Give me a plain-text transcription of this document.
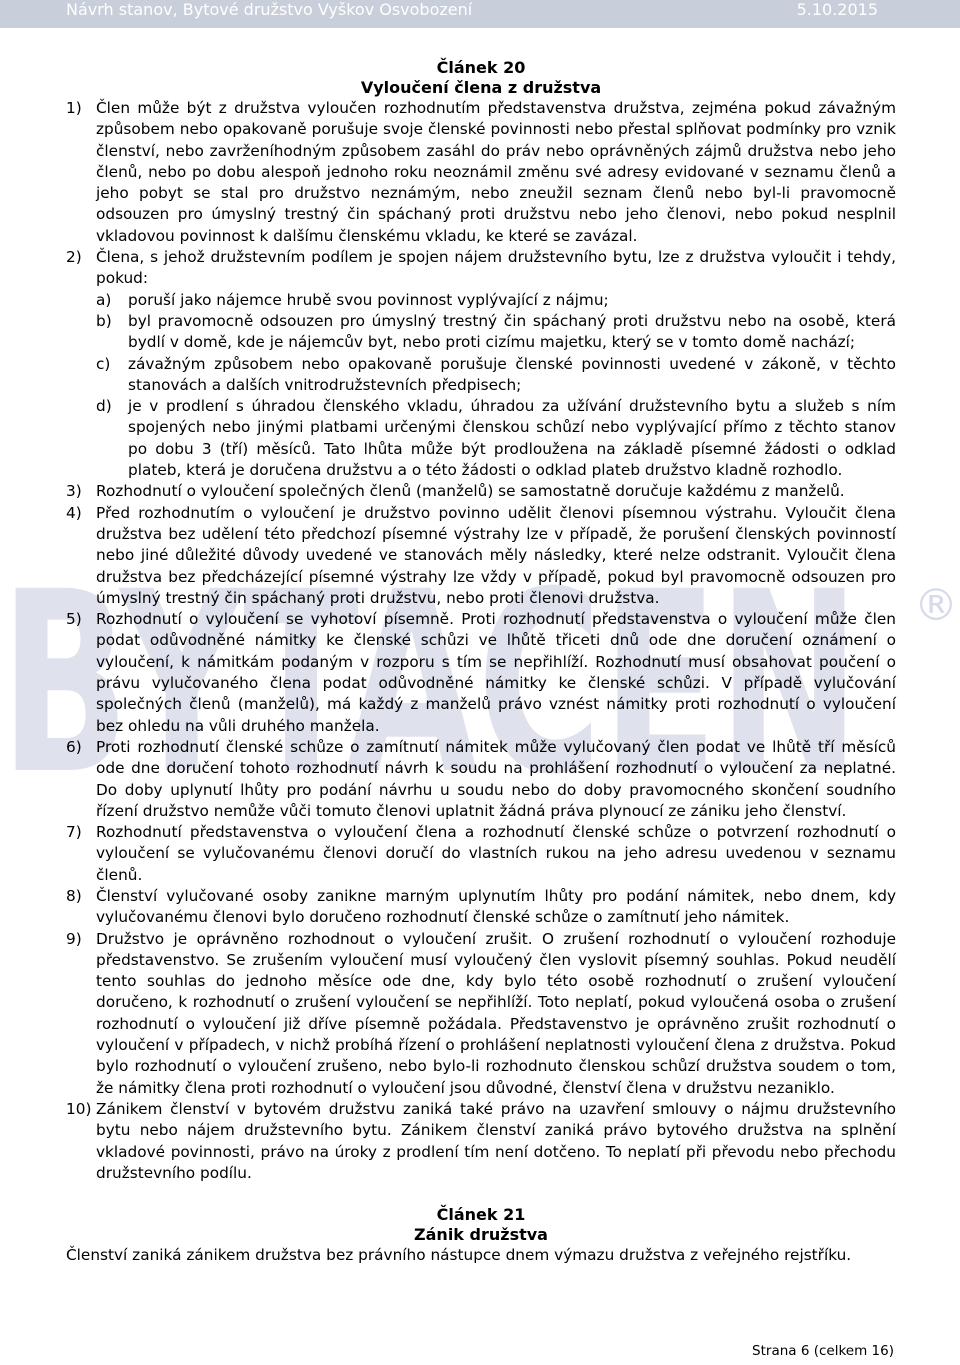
Návrh stanov, Bytové družstvo Vyškov Osvobození	5.10.2015
BYTACEN ®
Článek 20
Vyloučení člena z družstva
1) Člen může být z družstva vyloučen rozhodnutím představenstva družstva, zejména pokud závažným způsobem nebo opakovaně porušuje svoje členské povinnosti nebo přestal splňovat podmínky pro vznik členství, nebo zavrženíhodným způsobem zasáhl do práv nebo oprávněných zájmů družstva nebo jeho členů, nebo po dobu alespoň jednoho roku neoznámil změnu své adresy evidované v seznamu členů a jeho pobyt se stal pro družstvo neznámým, nebo zneužil seznam členů nebo byl-li pravomocně odsouzen pro úmyslný trestný čin spáchaný proti družstvu nebo jeho členovi, nebo pokud nesplnil vkladovou povinnost k dalšímu členskému vkladu, ke které se zavázal.
2) Člena, s jehož družstevním podílem je spojen nájem družstevního bytu, lze z družstva vyloučit i tehdy, pokud:
a)	poruší jako nájemce hrubě svou povinnost vyplývající z nájmu;
b)	byl pravomocně odsouzen pro úmyslný trestný čin spáchaný proti družstvu nebo na osobě, která bydlí v domě, kde je nájemcův byt, nebo proti cizímu majetku, který se v tomto domě nachází;
c)	závažným způsobem nebo opakovaně porušuje členské povinnosti uvedené v zákoně, v těchto stanovách a dalších vnitrodružstevních předpisech;
d)	je v prodlení s úhradou členského vkladu, úhradou za užívání družstevního bytu a služeb s ním spojených nebo jinými platbami určenými členskou schůzí nebo vyplývající přímo z těchto stanov po dobu 3 (tří) měsíců. Tato lhůta může být prodloužena na základě písemné žádosti o odklad plateb, která je doručena družstvu a o této žádosti o odklad plateb družstvo kladně rozhodlo.
3) Rozhodnutí o vyloučení společných členů (manželů) se samostatně doručuje každému z manželů.
4) Před rozhodnutím o vyloučení je družstvo povinno udělit členovi písemnou výstrahu. Vyloučit člena družstva bez udělení této předchozí písemné výstrahy lze v případě, že porušení členských povinností nebo jiné důležité důvody uvedené ve stanovách měly následky, které nelze odstranit. Vyloučit člena družstva bez předcházející písemné výstrahy lze vždy v případě, pokud byl pravomocně odsouzen pro úmyslný trestný čin spáchaný proti družstvu, nebo proti členovi družstva.
5) Rozhodnutí o vyloučení se vyhotoví písemně. Proti rozhodnutí představenstva o vyloučení může člen podat odůvodněné námitky ke členské schůzi ve lhůtě třiceti dnů ode dne doručení oznámení o vyloučení, k námitkám podaným v rozporu s tím se nepřihlíží. Rozhodnutí musí obsahovat poučení o právu vylučovaného člena podat odůvodněné námitky ke členské schůzi. V případě vylučování společných členů (manželů), má každý z manželů právo vznést námitky proti rozhodnutí o vyloučení bez ohledu na vůli druhého manžela.
6) Proti rozhodnutí členské schůze o zamítnutí námitek může vylučovaný člen podat ve lhůtě tří měsíců ode dne doručení tohoto rozhodnutí návrh k soudu na prohlášení rozhodnutí o vyloučení za neplatné. Do doby uplynutí lhůty pro podání návrhu u soudu nebo do doby pravomocného skončení soudního řízení družstvo nemůže vůči tomuto členovi uplatnit žádná práva plynoucí ze zániku jeho členství.
7) Rozhodnutí představenstva o vyloučení člena a rozhodnutí členské schůze o potvrzení rozhodnutí o vyloučení se vylučovanému členovi doručí do vlastních rukou na jeho adresu uvedenou v seznamu členů.
8) Členství vylučované osoby zanikne marným uplynutím lhůty pro podání námitek, nebo dnem, kdy vylučovanému členovi bylo doručeno rozhodnutí členské schůze o zamítnutí jeho námitek.
9) Družstvo je oprávněno rozhodnout o vyloučení zrušit. O zrušení rozhodnutí o vyloučení rozhoduje představenstvo. Se zrušením vyloučení musí vyloučený člen vyslovit písemný souhlas. Pokud neudělí tento souhlas do jednoho měsíce ode dne, kdy bylo této osobě rozhodnutí o zrušení vyloučení doručeno, k rozhodnutí o zrušení vyloučení se nepřihlíží. Toto neplatí, pokud vyloučená osoba o zrušení rozhodnutí o vyloučení již dříve písemně požádala. Představenstvo je oprávněno zrušit rozhodnutí o vyloučení v případech, v nichž probíhá řízení o prohlášení neplatnosti vyloučení člena z družstva. Pokud bylo rozhodnutí o vyloučení zrušeno, nebo bylo-li rozhodnuto členskou schůzí družstva soudem o tom, že námitky člena proti rozhodnutí o vyloučení jsou důvodné, členství člena v družstvu nezaniklo.
10) Zánikem členství v bytovém družstvu zaniká také právo na uzavření smlouvy o nájmu družstevního bytu nebo nájem družstevního bytu. Zánikem členství zaniká právo bytového družstva na splnění vkladové povinnosti, právo na úroky z prodlení tím není dotčeno. To neplatí při převodu nebo přechodu družstevního podílu.
Článek 21
Zánik družstva
Členství zaniká zánikem družstva bez právního nástupce dnem výmazu družstva z veřejného rejstříku.
Strana 6 (celkem 16)
